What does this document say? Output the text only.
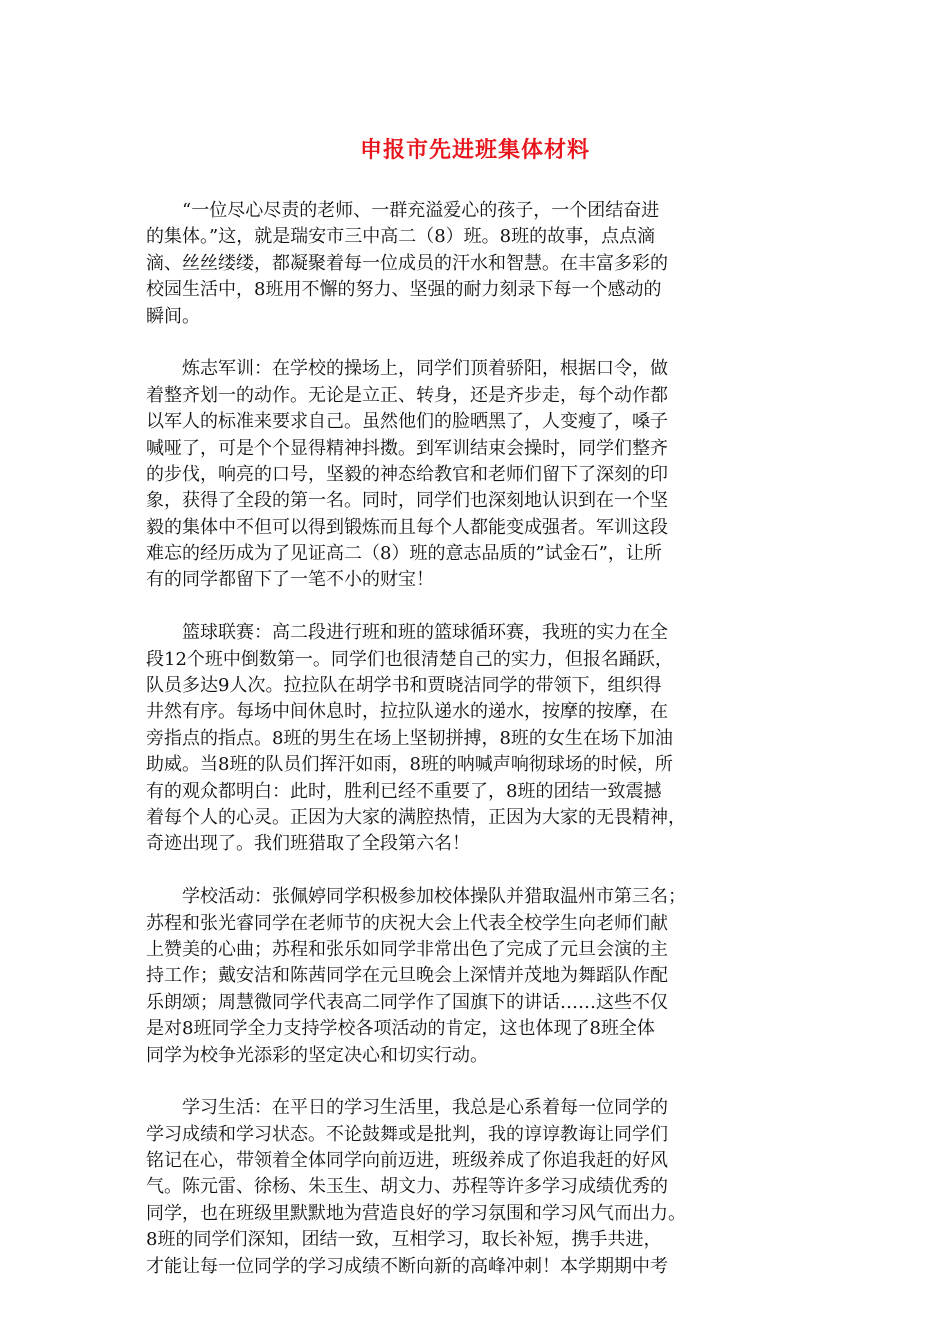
申报市先进班集体材料
　　“一位尽心尽责的老师、一群充溢爱心的孩子，一个团结奋进
的集体。”这，就是瑞安市三中高二（8）班。8班的故事，点点滴
滴、丝丝缕缕，都凝聚着每一位成员的汗水和智慧。在丰富多彩的
校园生活中，8班用不懈的努力、坚强的耐力刻录下每一个感动的
瞬间。
　　炼志军训：在学校的操场上，同学们顶着骄阳，根据口令，做
着整齐划一的动作。无论是立正、转身，还是齐步走，每个动作都
以军人的标准来要求自己。虽然他们的脸晒黑了，人变瘦了，嗓子
喊哑了，可是个个显得精神抖擞。到军训结束会操时，同学们整齐
的步伐，响亮的口号，坚毅的神态给教官和老师们留下了深刻的印
象，获得了全段的第一名。同时，同学们也深刻地认识到在一个坚
毅的集体中不但可以得到锻炼而且每个人都能变成强者。军训这段
难忘的经历成为了见证高二（8）班的意志品质的”试金石”，让所
有的同学都留下了一笔不小的财宝！
　　篮球联赛：高二段进行班和班的篮球循环赛，我班的实力在全
段12个班中倒数第一。同学们也很清楚自己的实力，但报名踊跃，
队员多达9人次。拉拉队在胡学书和贾晓洁同学的带领下，组织得
井然有序。每场中间休息时，拉拉队递水的递水，按摩的按摩，在
旁指点的指点。8班的男生在场上坚韧拼搏，8班的女生在场下加油
助威。当8班的队员们挥汗如雨，8班的呐喊声响彻球场的时候，所
有的观众都明白：此时，胜利已经不重要了，8班的团结一致震撼
着每个人的心灵。正因为大家的满腔热情，正因为大家的无畏精神，
奇迹出现了。我们班猎取了全段第六名！
　　学校活动：张佩婷同学积极参加校体操队并猎取温州市第三名；
苏程和张光睿同学在老师节的庆祝大会上代表全校学生向老师们献
上赞美的心曲；苏程和张乐如同学非常出色了完成了元旦会演的主
持工作；戴安洁和陈茜同学在元旦晚会上深情并茂地为舞蹈队作配
乐朗颂；周慧微同学代表高二同学作了国旗下的讲话……这些不仅
是对8班同学全力支持学校各项活动的肯定，这也体现了8班全体
同学为校争光添彩的坚定决心和切实行动。
　　学习生活：在平日的学习生活里，我总是心系着每一位同学的
学习成绩和学习状态。不论鼓舞或是批判，我的谆谆教诲让同学们
铭记在心，带领着全体同学向前迈进，班级养成了你追我赶的好风
气。陈元雷、徐杨、朱玉生、胡文力、苏程等许多学习成绩优秀的
同学，也在班级里默默地为营造良好的学习氛围和学习风气而出力。
8班的同学们深知，团结一致，互相学习，取长补短，携手共进，
才能让每一位同学的学习成绩不断向新的高峰冲刺！本学期期中考
